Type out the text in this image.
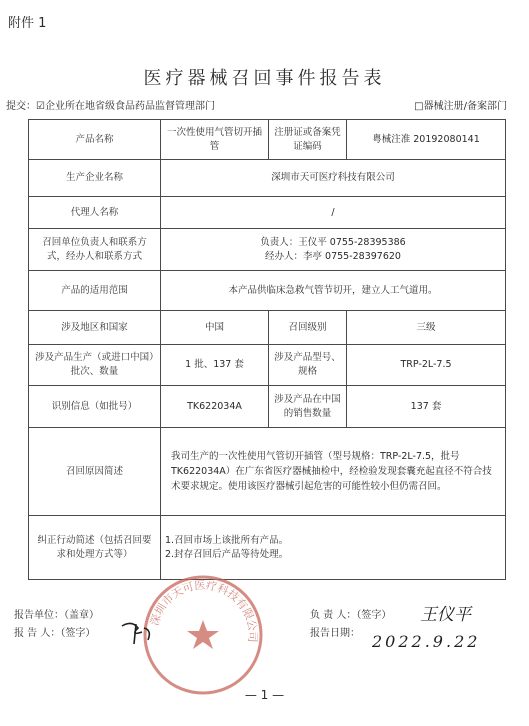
附件 1
医疗器械召回事件报告表
提交：☑企业所在地省级食品药品监督管理部门	□器械注册/备案部门
产品名称	一次性使用气管切开插管	注册证或备案凭证编码	粤械注准 20192080141
生产企业名称	深圳市天可医疗科技有限公司		
代理人名称	/		
召回单位负责人和联系方式，经办人和联系方式	负责人：王仪平 0755-28395386
经办人：李亭 0755-28397620		

产品的适用范围	本产品供临床急救气管节切开，建立人工气道用。		
涉及地区和国家	中国	召回级别	三级
涉及产品生产（或进口中国）批次、数量	1 批、137 套	涉及产品型号、规格	TRP-2L-7.5
识别信息（如批号）	TK622034A	涉及产品在中国的销售数量	137 套
召回原因简述	我司生产的一次性使用气管切开插管（型号规格：TRP-2L-7.5，批号 TK622034A）在广东省医疗器械抽检中，经检验发现套囊充起直径不符合技术要求规定。使用该医疗器械引起危害的可能性较小但仍需召回。		
纠正行动简述（包括召回要求和处理方式等）	1.召回市场上该批所有产品。
2.封存召回后产品等待处理。		
报告单位：（盖章）
报 告 人：（签字）
负 责 人：（签字）
报告日期：
深圳市天可医疗科技有限公司
王仪平
2022.9.22
— 1 —
